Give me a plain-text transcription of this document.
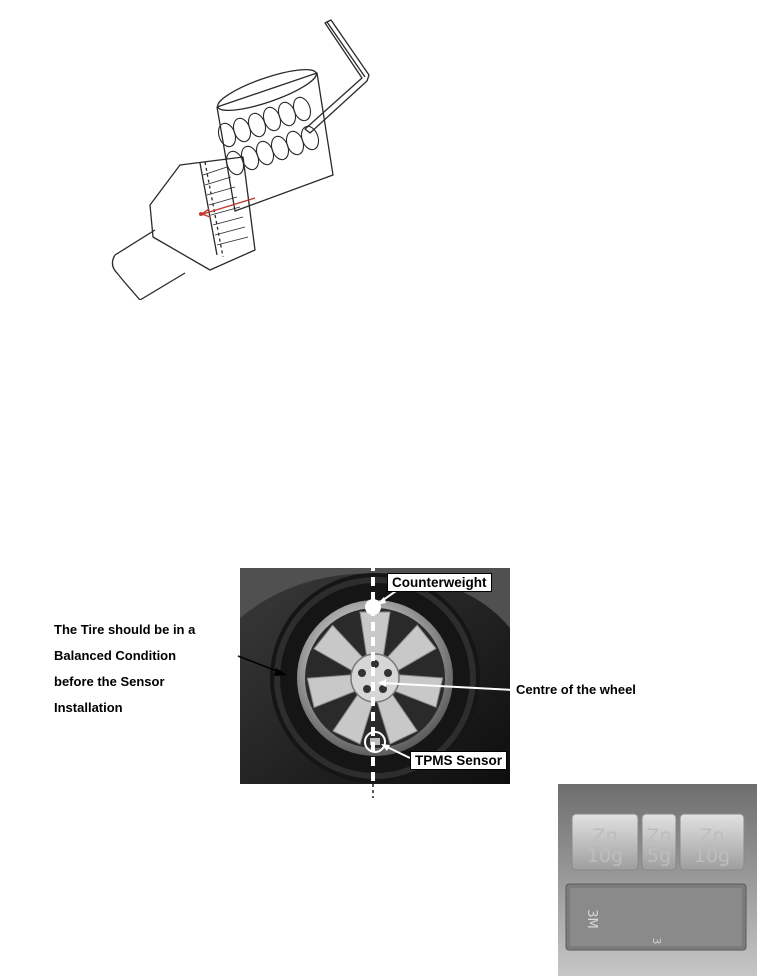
Counterweight
TPMS Sensor
Centre of the wheel
The Tire should be in a
Balanced Condition
before the Sensor
Installation
Zn
10g
Zn
5g
Zn
10g
3M
3
